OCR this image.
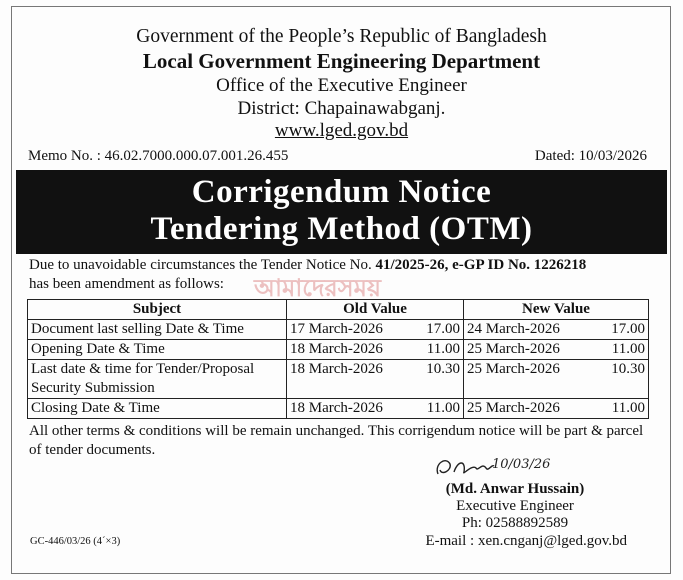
Government of the People’s Republic of Bangladesh
Local Government Engineering Department
Office of the Executive Engineer
District: Chapainawabganj.
www.lged.gov.bd
Memo No. : 46.02.7000.000.07.001.26.455	Dated: 10/03/2026
Corrigendum Notice
Tendering Method (OTM)
Due to unavoidable circumstances the Tender Notice No. 41/2025-26, e-GP ID No. 1226218
has been amendment as follows: আমাদেরসময়
Subject	Old Value	New Value
Document last selling Date & Time	17 March-2026 17.00	24 March-2026 17.00

Opening Date & Time	18 March-2026 11.00	25 March-2026 11.00

Last date & time for Tender/Proposal Security Submission	18 March-2026 10.30	25 March-2026 10.30

Closing Date & Time	18 March-2026 11.00	25 March-2026 11.00
All other terms & conditions will be remain unchanged. This corrigendum notice will be part & parcel of tender documents.
10/03/26
(Md. Anwar Hussain)
Executive Engineer
Ph: 02588892589
E-mail : xen.cnganj@lged.gov.bd
GC-446/03/26 (4´×3)
